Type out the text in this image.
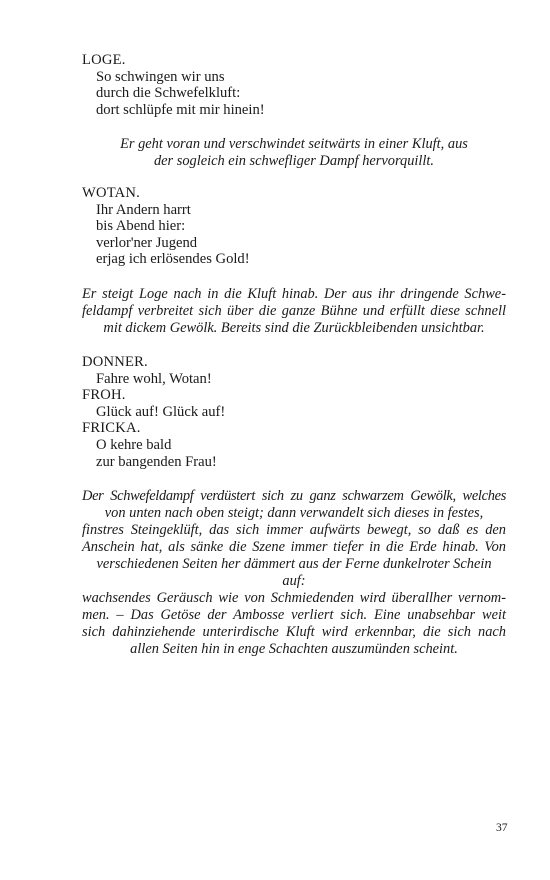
LOGE.
So schwingen wir uns
durch die Schwefelkluft:
dort schlüpfe mit mir hinein!
Er geht voran und verschwindet seitwärts in einer Kluft, aus
der sogleich ein schwefliger Dampf hervorquillt.
WOTAN.
Ihr Andern harrt
bis Abend hier:
verlor'ner Jugend
erjag ich erlösendes Gold!
Er steigt Loge nach in die Kluft hinab. Der aus ihr dringende Schwe-
feldampf verbreitet sich über die ganze Bühne und erfüllt diese schnell
mit dickem Gewölk. Bereits sind die Zurückbleibenden unsichtbar.
DONNER.
Fahre wohl, Wotan!
FROH.
Glück auf! Glück auf!
FRICKA.
O kehre bald
zur bangenden Frau!
Der Schwefeldampf verdüstert sich zu ganz schwarzem Gewölk, welches
von unten nach oben steigt; dann verwandelt sich dieses in festes,
finstres Steingeklüft, das sich immer aufwärts bewegt, so daß es den
Anschein hat, als sänke die Szene immer tiefer in die Erde hinab. Von
verschiedenen Seiten her dämmert aus der Ferne dunkelroter Schein
auf:
wachsendes Geräusch wie von Schmiedenden wird überallher vernom-
men. – Das Getöse der Ambosse verliert sich. Eine unabsehbar weit
sich dahinziehende unterirdische Kluft wird erkennbar, die sich nach
allen Seiten hin in enge Schachten auszumünden scheint.
37
